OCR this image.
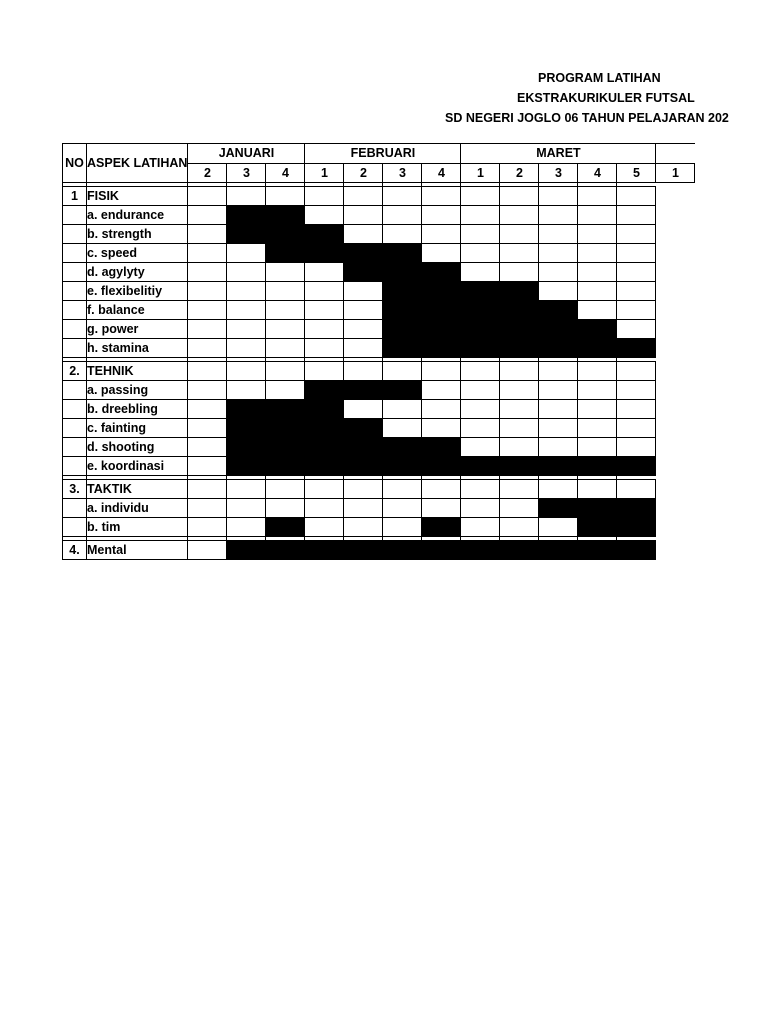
PROGRAM LATIHAN
EKSTRAKURIKULER FUTSAL
SD NEGERI JOGLO 06 TAHUN PELAJARAN 202
NO	ASPEK LATIHAN	JANUARI			FEBRUARI				MARET					
		2	3	4	1	2	3	4	1	2	3	4	5	1

1	FISIK													
	a. endurance													
	b. strength													
	c. speed													
	d. agylyty													
	e. flexibelitiy													
	f. balance													
	g. power													
	h. stamina													

2.	TEHNIK													
	a. passing													
	b. dreebling													
	c. fainting													
	d. shooting													
	e. koordinasi													

3.	TAKTIK													
	a. individu													
	b. tim													

4.	Mental													
